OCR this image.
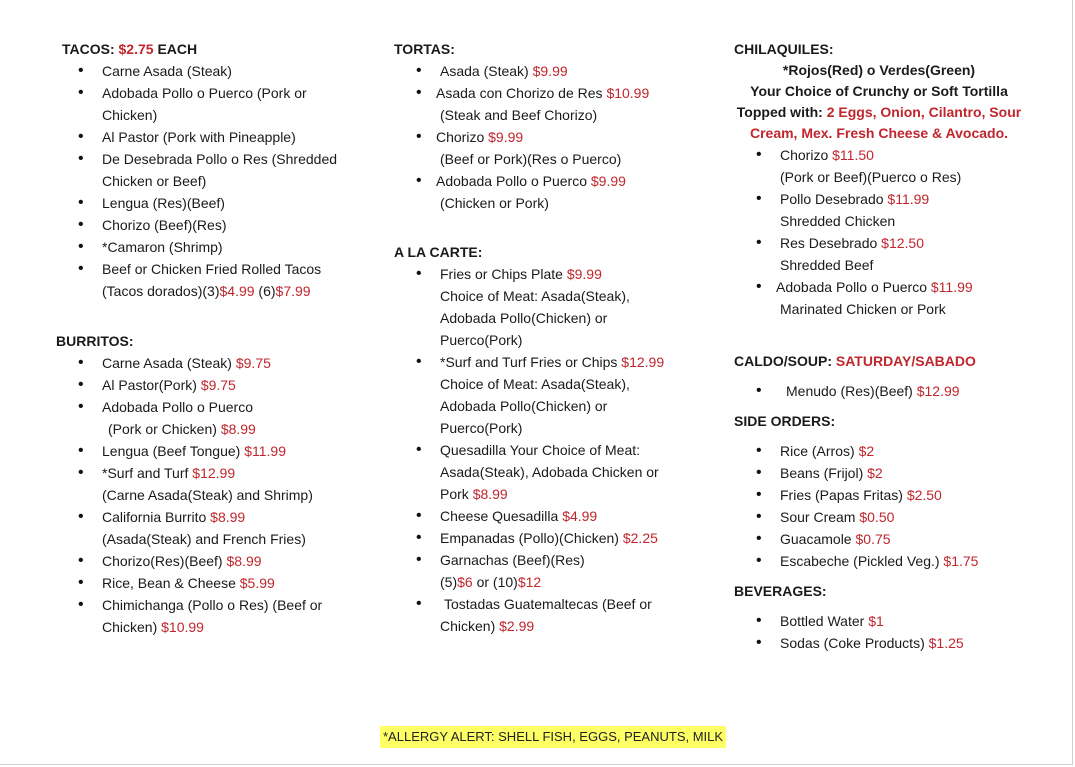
TACOS: $2.75 EACH
• Carne Asada (Steak)
• Adobada Pollo o Puerco (Pork or
Chicken)
• Al Pastor (Pork with Pineapple)
• De Desebrada Pollo o Res (Shredded
Chicken or Beef)
• Lengua (Res)(Beef)
• Chorizo (Beef)(Res)
• *Camaron (Shrimp)
• Beef or Chicken Fried Rolled Tacos
(Tacos dorados)(3)$4.99 (6)$7.99
BURRITOS:
• Carne Asada (Steak) $9.75
• Al Pastor(Pork) $9.75
• Adobada Pollo o Puerco
(Pork or Chicken) $8.99
• Lengua (Beef Tongue) $11.99
• *Surf and Turf $12.99
(Carne Asada(Steak) and Shrimp)
• California Burrito $8.99
(Asada(Steak) and French Fries)
• Chorizo(Res)(Beef) $8.99
• Rice, Bean & Cheese $5.99
• Chimichanga (Pollo o Res) (Beef or
Chicken) $10.99
TORTAS:
• Asada (Steak) $9.99
• Asada con Chorizo de Res $10.99
(Steak and Beef Chorizo)
• Chorizo $9.99
(Beef or Pork)(Res o Puerco)
• Adobada Pollo o Puerco $9.99
(Chicken or Pork)
A LA CARTE:
• Fries or Chips Plate $9.99
Choice of Meat: Asada(Steak),
Adobada Pollo(Chicken) or
Puerco(Pork)
• *Surf and Turf Fries or Chips $12.99
Choice of Meat: Asada(Steak),
Adobada Pollo(Chicken) or
Puerco(Pork)
• Quesadilla Your Choice of Meat:
Asada(Steak), Adobada Chicken or
Pork $8.99
• Cheese Quesadilla $4.99
• Empanadas (Pollo)(Chicken) $2.25
• Garnachas (Beef)(Res)
(5)$6 or (10)$12
• Tostadas Guatemaltecas (Beef or
Chicken) $2.99
CHILAQUILES:
*Rojos(Red) o Verdes(Green)
Your Choice of Crunchy or Soft Tortilla
Topped with: 2 Eggs, Onion, Cilantro, Sour
Cream, Mex. Fresh Cheese & Avocado.
• Chorizo $11.50
(Pork or Beef)(Puerco o Res)
• Pollo Desebrado $11.99
Shredded Chicken
• Res Desebrado $12.50
Shredded Beef
• Adobada Pollo o Puerco $11.99
Marinated Chicken or Pork
CALDO/SOUP: SATURDAY/SABADO
• Menudo (Res)(Beef) $12.99
SIDE ORDERS:
• Rice (Arros) $2
• Beans (Frijol) $2
• Fries (Papas Fritas) $2.50
• Sour Cream $0.50
• Guacamole $0.75
• Escabeche (Pickled Veg.) $1.75
BEVERAGES:
• Bottled Water $1
• Sodas (Coke Products) $1.25
*ALLERGY ALERT: SHELL FISH, EGGS, PEANUTS, MILK
